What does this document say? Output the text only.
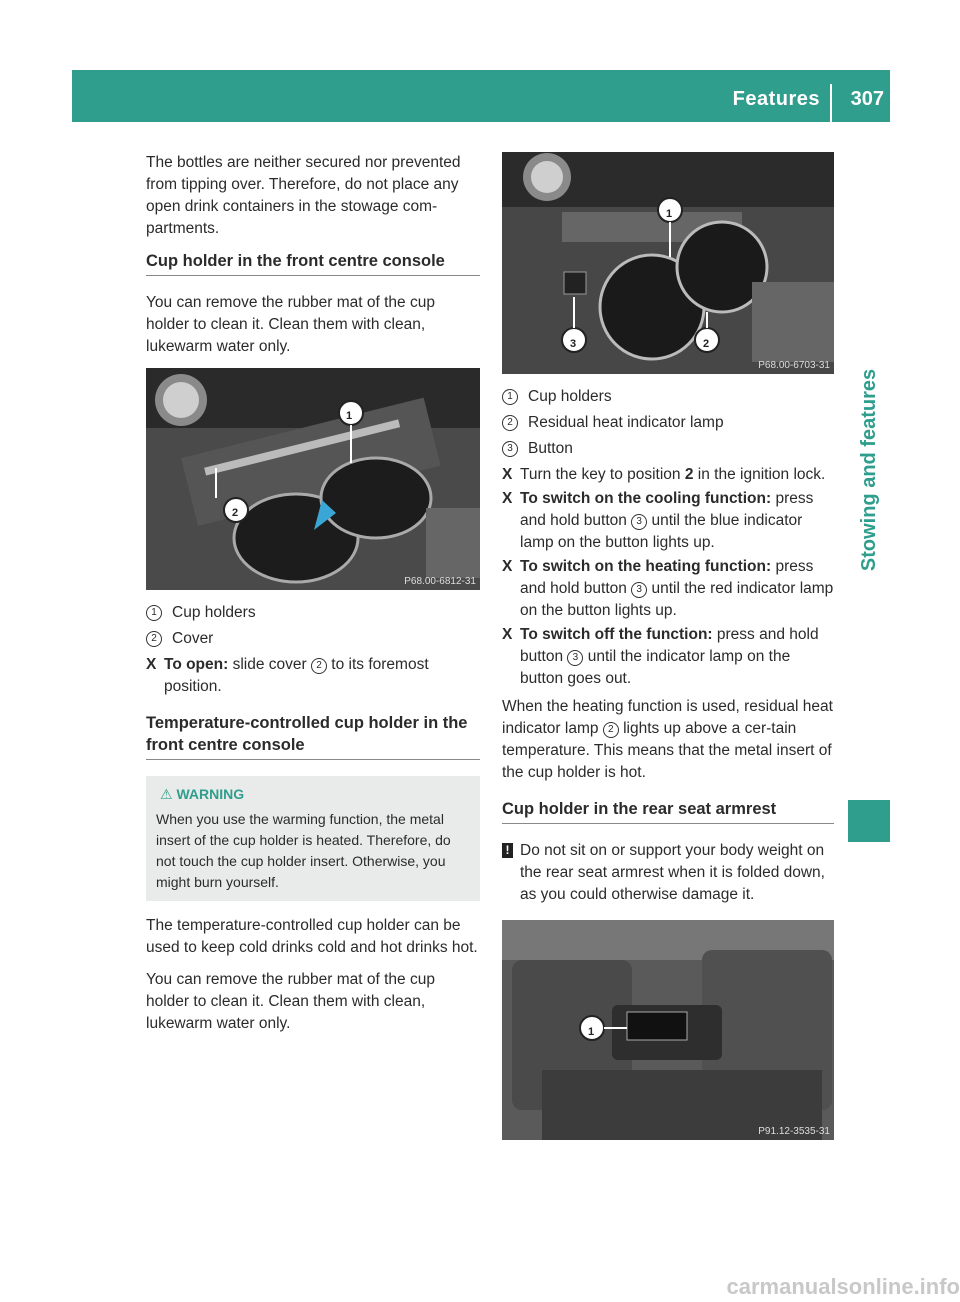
Features 307
Stowing and features

The bottles are neither secured nor prevented from tipping over. Therefore, do not place any open drink containers in the stowage com-partments.

Cup holder in the front centre console

You can remove the rubber mat of the cup holder to clean it. Clean them with clean, lukewarm water only.

1
2
P68.00-6812-31
1 Cup holders
2 Cover
X To open: slide cover 2 to its foremost position.
Temperature-controlled cup holder in the front centre console
⚠ WARNING
When you use the warming function, the metal insert of the cup holder is heated. Therefore, do not touch the cup holder insert. Otherwise, you might burn yourself.

The temperature-controlled cup holder can be used to keep cold drinks cold and hot drinks hot.

You can remove the rubber mat of the cup holder to clean it. Clean them with clean, lukewarm water only.

1
2
3
P68.00-6703-31
1 Cup holders
2 Residual heat indicator lamp
3 Button
X Turn the key to position 2 in the ignition lock.
X To switch on the cooling function: press and hold button 3 until the blue indicator lamp on the button lights up.
X To switch on the heating function: press and hold button 3 until the red indicator lamp on the button lights up.
X To switch off the function: press and hold button 3 until the indicator lamp on the button goes out.

When the heating function is used, residual heat indicator lamp 2 lights up above a cer-tain temperature. This means that the metal insert of the cup holder is hot.

Cup holder in the rear seat armrest
! Do not sit on or support your body weight on the rear seat armrest when it is folded down, as you could otherwise damage it.
1
P91.12-3535-31
carmanualsonline.info
